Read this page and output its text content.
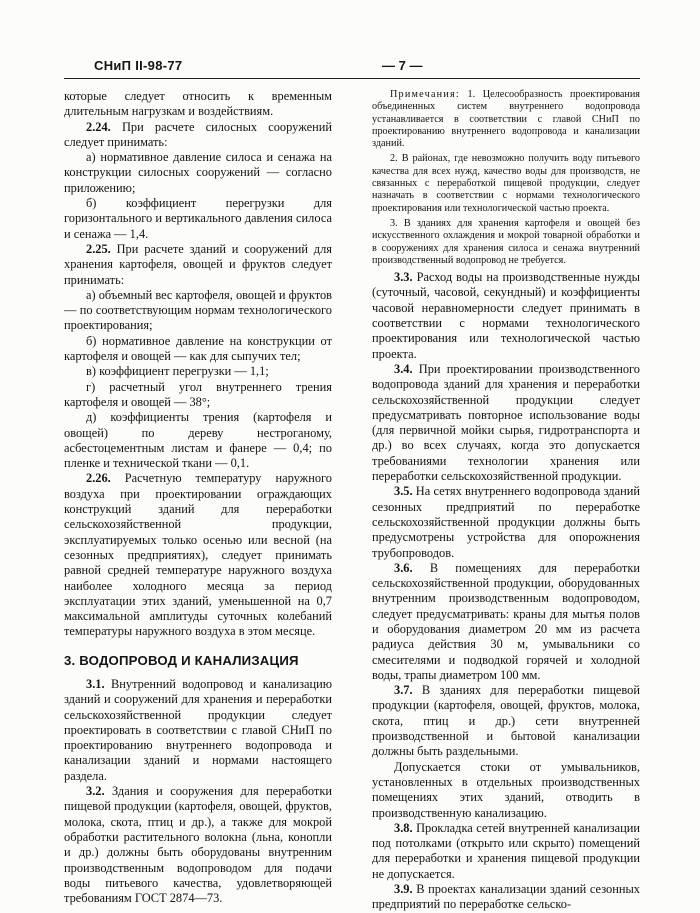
СНиП II-98-77	— 7 —

которые следует относить к временным длительным нагрузкам и воздействиям.

2.24. При расчете силосных сооружений следует принимать:

а) нормативное давление силоса и сенажа на конструкции силосных сооружений — согласно приложению;

б) коэффициент перегрузки для горизонтального и вертикального давления силоса и сенажа — 1,4.

2.25. При расчете зданий и сооружений для хранения картофеля, овощей и фруктов следует принимать:

а) объемный вес картофеля, овощей и фруктов — по соответствующим нормам технологического проектирования;

б) нормативное давление на конструкции от картофеля и овощей — как для сыпучих тел;

в) коэффициент перегрузки — 1,1;

г) расчетный угол внутреннего трения картофеля и овощей — 38°;

д) коэффициенты трения (картофеля и овощей) по дереву нестроганому, асбестоцементным листам и фанере — 0,4; по пленке и технической ткани — 0,1.

2.26. Расчетную температуру наружного воздуха при проектировании ограждающих конструкций зданий для переработки сельскохозяйственной продукции, эксплуатируемых только осенью или весной (на сезонных предприятиях), следует принимать равной средней температуре наружного воздуха наиболее холодного месяца за период эксплуатации этих зданий, уменьшенной на 0,7 максимальной амплитуды суточных колебаний температуры наружного воздуха в этом месяце.

3. ВОДОПРОВОД И КАНАЛИЗАЦИЯ

3.1. Внутренний водопровод и канализацию зданий и сооружений для хранения и переработки сельскохозяйственной продукции следует проектировать в соответствии с главой СНиП по проектированию внутреннего водопровода и канализации зданий и нормами настоящего раздела.

3.2. Здания и сооружения для переработки пищевой продукции (картофеля, овощей, фруктов, молока, скота, птиц и др.), а также для мокрой обработки растительного волокна (льна, конопли и др.) должны быть оборудованы внутренним производственным водопроводом для подачи воды питьевого качества, удовлетворяющей требованиям ГОСТ 2874—73.

Примечания: 1. Целесообразность проектирования объединенных систем внутреннего водопровода устанавливается в соответствии с главой СНиП по проектированию внутреннего водопровода и канализации зданий.

2. В районах, где невозможно получить воду питьевого качества для всех нужд, качество воды для производств, не связанных с переработкой пищевой продукции, следует назначать в соответствии с нормами технологического проектирования или технологической частью проекта.

3. В зданиях для хранения картофеля и овощей без искусственного охлаждения и мокрой товарной обработки и в сооружениях для хранения силоса и сенажа внутренний производственный водопровод не требуется.

3.3. Расход воды на производственные нужды (суточный, часовой, секундный) и коэффициенты часовой неравномерности следует принимать в соответствии с нормами технологического проектирования или технологической частью проекта.

3.4. При проектировании производственного водопровода зданий для хранения и переработки сельскохозяйственной продукции следует предусматривать повторное использование воды (для первичной мойки сырья, гидротранспорта и др.) во всех случаях, когда это допускается требованиями технологии хранения или переработки сельскохозяйственной продукции.

3.5. На сетях внутреннего водопровода зданий сезонных предприятий по переработке сельскохозяйственной продукции должны быть предусмотрены устройства для опорожнения трубопроводов.

3.6. В помещениях для переработки сельскохозяйственной продукции, оборудованных внутренним производственным водопроводом, следует предусматривать: краны для мытья полов и оборудования диаметром 20 мм из расчета радиуса действия 30 м, умывальники со смесителями и подводкой горячей и холодной воды, трапы диаметром 100 мм.

3.7. В зданиях для переработки пищевой продукции (картофеля, овощей, фруктов, молока, скота, птиц и др.) сети внутренней производственной и бытовой канализации должны быть раздельными.

Допускается стоки от умывальников, установленных в отдельных производственных помещениях этих зданий, отводить в производственную канализацию.

3.8. Прокладка сетей внутренней канализации под потолками (открыто или скрыто) помещений для переработки и хранения пищевой продукции не допускается.

3.9. В проектах канализации зданий сезонных предприятий по переработке сельско-
